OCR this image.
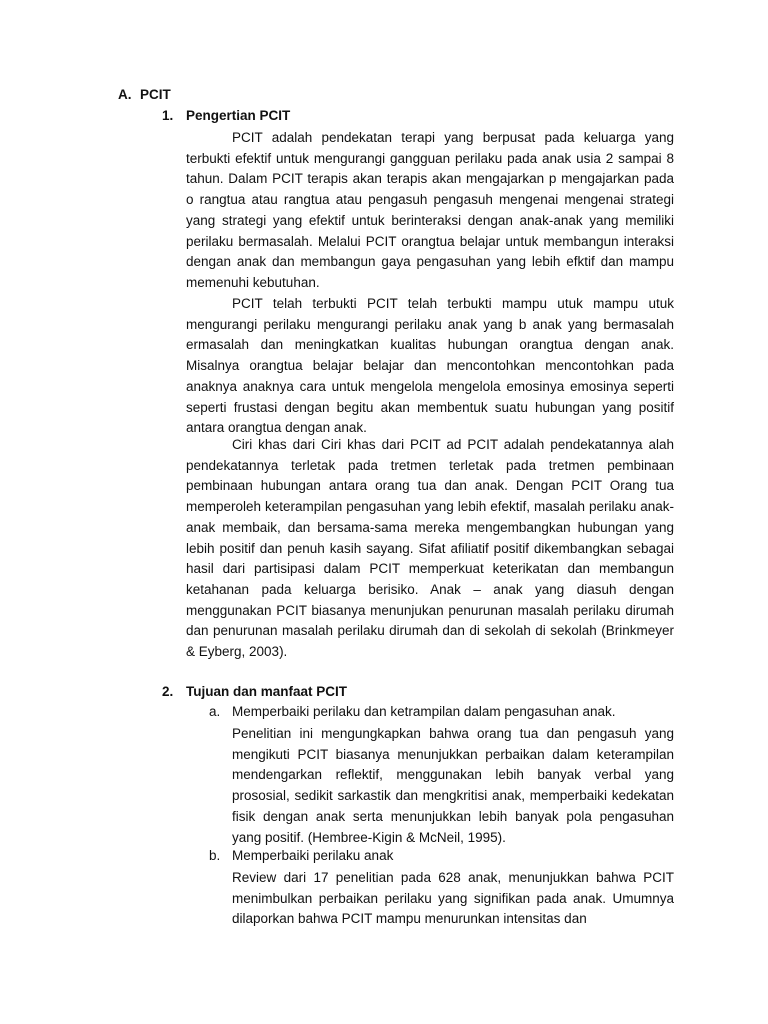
A. PCIT
1. Pengertian PCIT

PCIT adalah pendekatan terapi yang berpusat pada keluarga yang terbukti efektif untuk mengurangi gangguan perilaku pada anak usia 2 sampai 8 tahun. Dalam PCIT terapis akan terapis akan mengajarkan p mengajarkan pada o rangtua atau rangtua atau pengasuh pengasuh mengenai mengenai strategi yang strategi yang efektif untuk berinteraksi dengan anak-anak yang memiliki perilaku bermasalah. Melalui PCIT orangtua belajar untuk membangun interaksi dengan anak dan membangun gaya pengasuhan yang lebih efktif dan mampu memenuhi kebutuhan.

PCIT telah terbukti PCIT telah terbukti mampu utuk mampu utuk mengurangi perilaku mengurangi perilaku anak yang b anak yang bermasalah ermasalah dan meningkatkan kualitas hubungan orangtua dengan anak. Misalnya orangtua belajar belajar dan mencontohkan mencontohkan pada anaknya anaknya cara untuk mengelola mengelola emosinya emosinya seperti seperti frustasi dengan begitu akan membentuk suatu hubungan yang positif antara orangtua dengan anak.

Ciri khas dari Ciri khas dari PCIT ad PCIT adalah pendekatannya alah pendekatannya terletak pada tretmen terletak pada tretmen pembinaan pembinaan hubungan antara orang tua dan anak. Dengan PCIT Orang tua memperoleh keterampilan pengasuhan yang lebih efektif, masalah perilaku anak-anak membaik, dan bersama-sama mereka mengembangkan hubungan yang lebih positif dan penuh kasih sayang. Sifat afiliatif positif dikembangkan sebagai hasil dari partisipasi dalam PCIT memperkuat keterikatan dan membangun ketahanan pada keluarga berisiko. Anak – anak yang diasuh dengan menggunakan PCIT biasanya menunjukan penurunan masalah perilaku dirumah dan penurunan masalah perilaku dirumah dan di sekolah di sekolah (Brinkmeyer & Eyberg, 2003).

2. Tujuan dan manfaat PCIT
a. Memperbaiki perilaku dan ketrampilan dalam pengasuhan anak.

Penelitian ini mengungkapkan bahwa orang tua dan pengasuh yang mengikuti PCIT biasanya menunjukkan perbaikan dalam keterampilan mendengarkan reflektif, menggunakan lebih banyak verbal yang prososial, sedikit sarkastik dan mengkritisi anak, memperbaiki kedekatan fisik dengan anak serta menunjukkan lebih banyak pola pengasuhan yang positif. (Hembree-Kigin & McNeil, 1995).

b. Memperbaiki perilaku anak

Review dari 17 penelitian pada 628 anak, menunjukkan bahwa PCIT menimbulkan perbaikan perilaku yang signifikan pada anak. Umumnya dilaporkan bahwa PCIT mampu menurunkan intensitas dan
